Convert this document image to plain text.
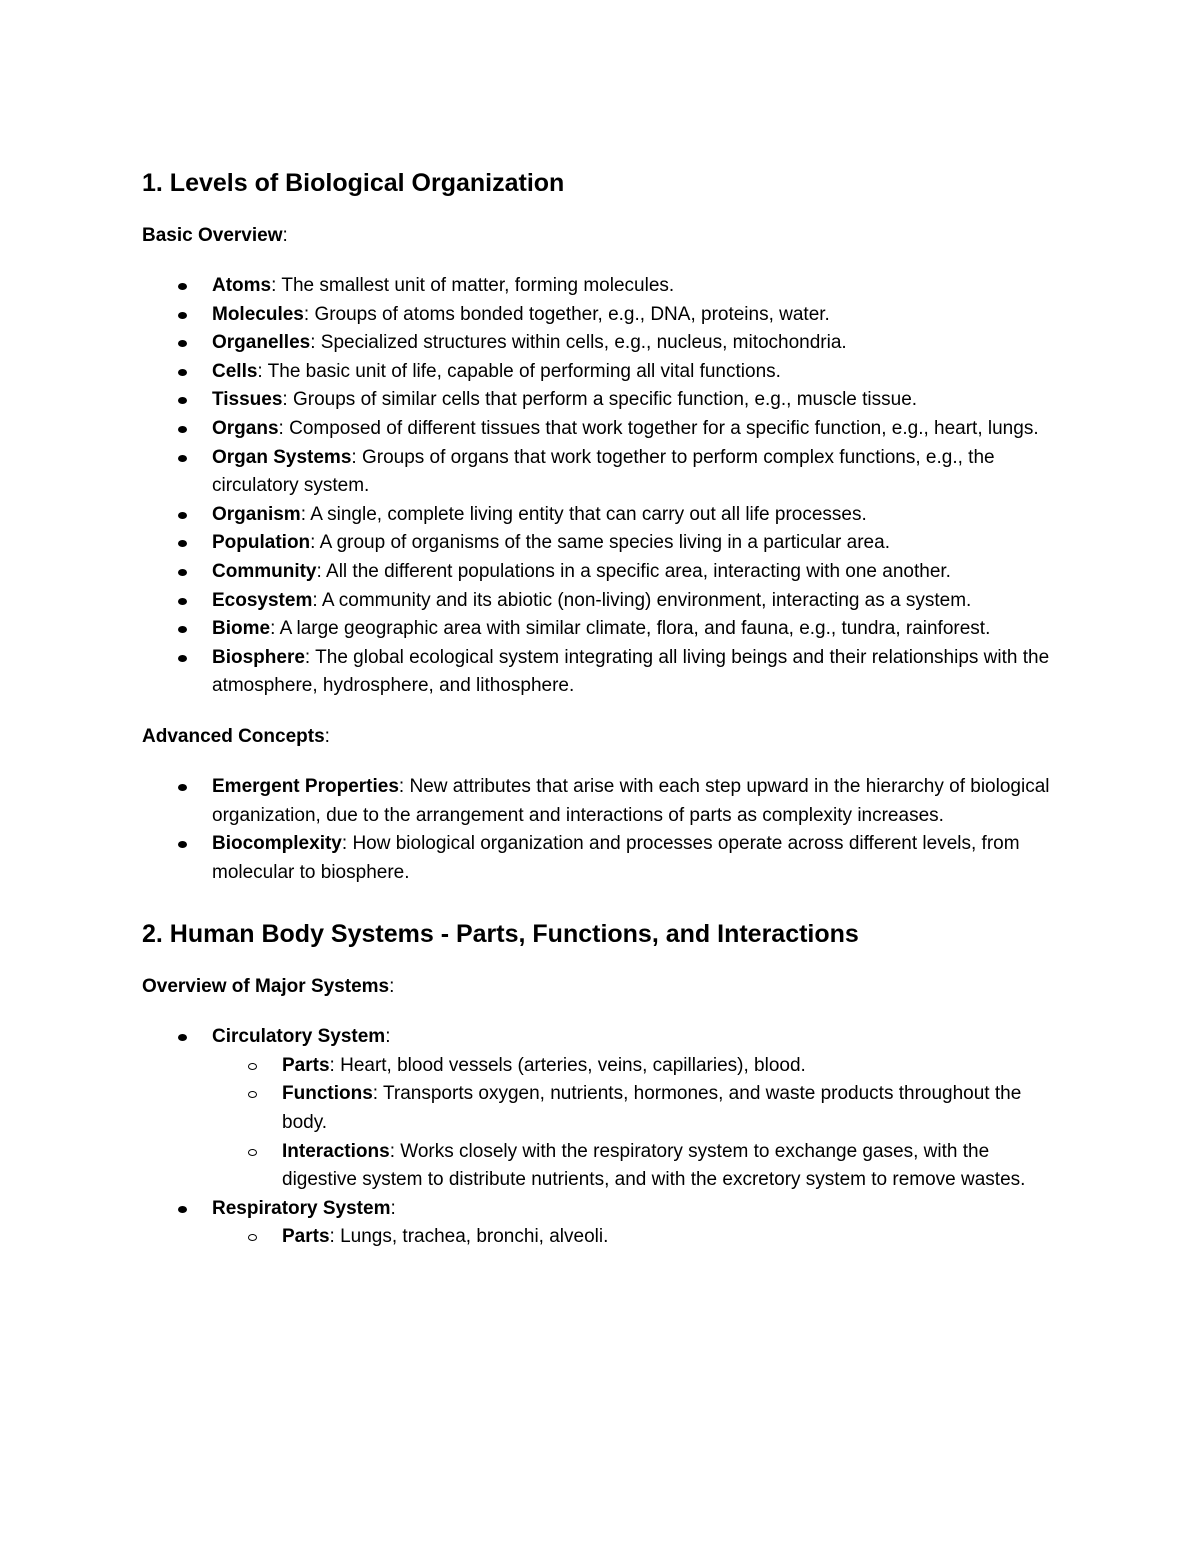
1. Levels of Biological Organization

Basic Overview:

Atoms: The smallest unit of matter, forming molecules.
Molecules: Groups of atoms bonded together, e.g., DNA, proteins, water.
Organelles: Specialized structures within cells, e.g., nucleus, mitochondria.
Cells: The basic unit of life, capable of performing all vital functions.
Tissues: Groups of similar cells that perform a specific function, e.g., muscle tissue.
Organs: Composed of different tissues that work together for a specific function, e.g., heart, lungs.
Organ Systems: Groups of organs that work together to perform complex functions, e.g., the circulatory system.
Organism: A single, complete living entity that can carry out all life processes.
Population: A group of organisms of the same species living in a particular area.
Community: All the different populations in a specific area, interacting with one another.
Ecosystem: A community and its abiotic (non-living) environment, interacting as a system.
Biome: A large geographic area with similar climate, flora, and fauna, e.g., tundra, rainforest.
Biosphere: The global ecological system integrating all living beings and their relationships with the atmosphere, hydrosphere, and lithosphere.

Advanced Concepts:

Emergent Properties: New attributes that arise with each step upward in the hierarchy of biological organization, due to the arrangement and interactions of parts as complexity increases.
Biocomplexity: How biological organization and processes operate across different levels, from molecular to biosphere.
2. Human Body Systems - Parts, Functions, and Interactions

Overview of Major Systems:

Circulatory System:
Parts: Heart, blood vessels (arteries, veins, capillaries), blood.
Functions: Transports oxygen, nutrients, hormones, and waste products throughout the body.
Interactions: Works closely with the respiratory system to exchange gases, with the digestive system to distribute nutrients, and with the excretory system to remove wastes.
Respiratory System:
Parts: Lungs, trachea, bronchi, alveoli.
